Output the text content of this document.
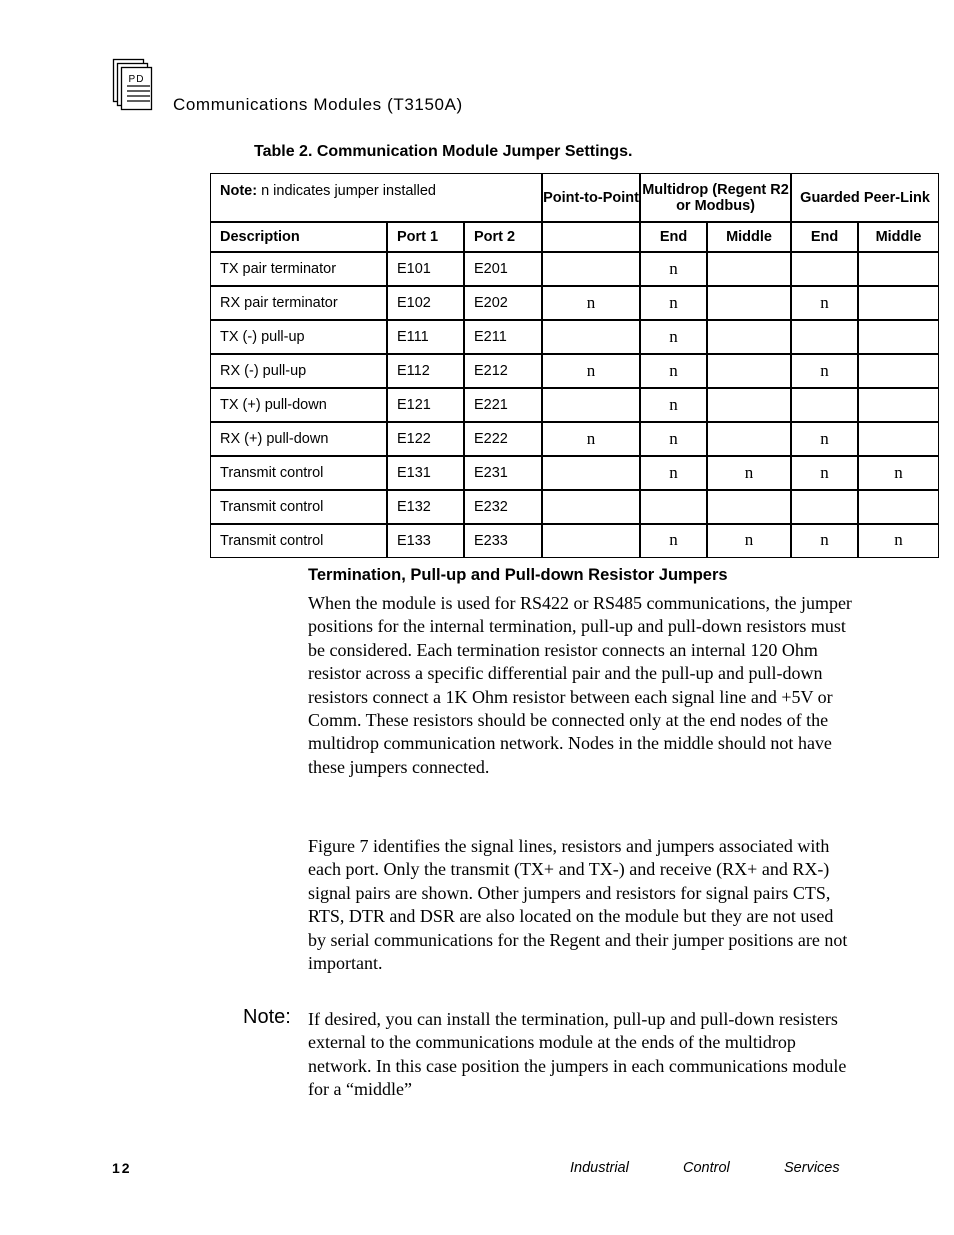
PD
Communications Modules (T3150A)
Table 2. Communication Module Jumper Settings.
Note: n indicates jumper installed			Point-to-Point	Multidrop (Regent R2 or Modbus)		Guarded Peer-Link	
Description	Port 1	Port 2		End	Middle	End	Middle
TX pair terminator	E101	E201		n			
RX pair terminator	E102	E202	n	n		n	
TX (-) pull-up	E111	E211		n			
RX (-) pull-up	E112	E212	n	n		n	
TX (+) pull-down	E121	E221		n			
RX (+) pull-down	E122	E222	n	n		n	
Transmit control	E131	E231		n	n	n	n
Transmit control	E132	E232					
Transmit control	E133	E233		n	n	n	n
Termination, Pull-up and Pull-down Resistor Jumpers
When the module is used for RS422 or RS485 communications, the jumper positions for the internal termination, pull-up and pull-down resistors must be considered. Each termination resistor connects an internal 120 Ohm resistor across a specific differential pair and the pull-up and pull-down resistors connect a 1K Ohm resistor between each signal line and +5V or Comm. These resistors should be connected only at the end nodes of the multidrop communication network. Nodes in the middle should not have these jumpers connected.
Figure 7 identifies the signal lines, resistors and jumpers associated with each port. Only the transmit (TX+ and TX-) and receive (RX+ and RX-) signal pairs are shown. Other jumpers and resistors for signal pairs CTS, RTS, DTR and DSR are also located on the module but they are not used by serial communications for the Regent and their jumper positions are not important.
Note: If desired, you can install the termination, pull-up and pull-down resisters external to the communications module at the ends of the multidrop network. In this case position the jumpers in each communications module for a “middle”
12	Industrial	Control	Services
